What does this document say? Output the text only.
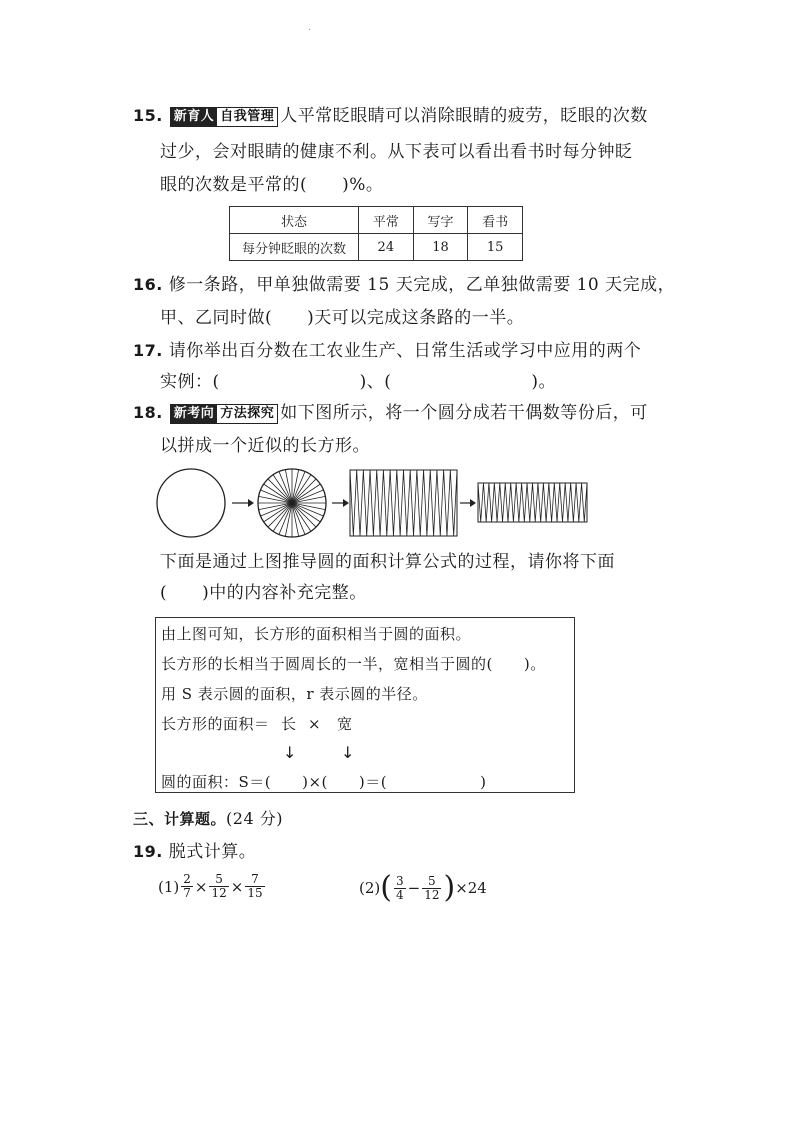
．
15. 新育人 自我管理 人平常眨眼睛可以消除眼睛的疲劳，眨眼的次数
过少，会对眼睛的健康不利。从下表可以看出看书时每分钟眨
眼的次数是平常的(　　)%。
状态	平常	写字	看书
每分钟眨眼的次数	24	18	15
16. 修一条路，甲单独做需要 15 天完成，乙单独做需要 10 天完成，
甲、乙同时做(　　)天可以完成这条路的一半。
17. 请你举出百分数在工农业生产、日常生活或学习中应用的两个
实例：(　　　　　　　　)、(　　　　　　　　)。
18. 新考向 方法探究 如下图所示，将一个圆分成若干偶数等份后，可
以拼成一个近似的长方形。
下面是通过上图推导圆的面积计算公式的过程，请你将下面
(　　)中的内容补充完整。
由上图可知，长方形的面积相当于圆的面积。
长方形的长相当于圆周长的一半，宽相当于圆的(　　)。
用 S 表示圆的面积，r 表示圆的半径。
长方形的面积＝ 长 × 宽
↓	↓
圆的面积：S＝(　　)×(　　)＝(　　　　　　)
三、计算题。(24 分)
19. 脱式计算。
$(1) \frac{2}{7} \times \frac{5}{12} \times \frac{7}{15}$	(2) ( $\frac{3}{4} - \frac{5}{12}$ ) ×24
